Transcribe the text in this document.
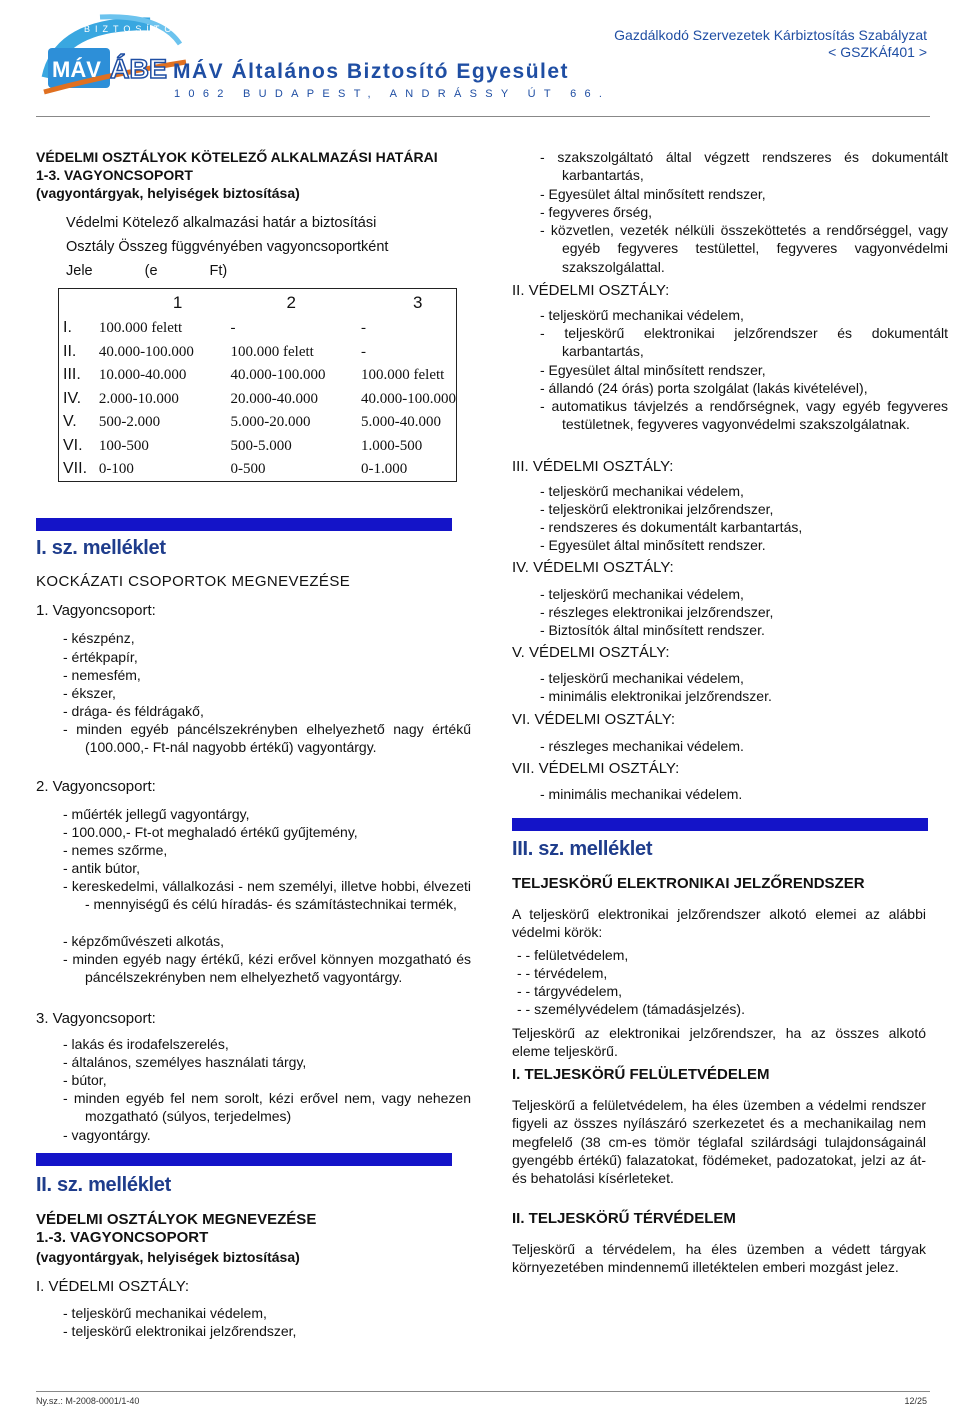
BIZTOSÍTÓ
MÁV ÁBE MÁV Általános Biztosító Egyesület
1062 BUDAPEST, ANDRÁSSY ÚT 66.
Gazdálkodó Szervezetek Kárbiztosítás Szabályzat
< GSZKÁf401 >
VÉDELMI OSZTÁLYOK KÖTELEZŐ ALKALMAZÁSI HATÁRAI
1-3. VAGYONCSOPORT
(vagyontárgyak, helyiségek biztosítása)
Védelmi Kötelező alkalmazási határ a biztosítási
Osztály Összeg függvényében vagyoncsoportként
Jele (e Ft)
	1	2	3
I.	100.000 felett	-	-
II.	40.000-100.000	100.000 felett	-
III.	10.000-40.000	40.000-100.000	100.000 felett
IV.	2.000-10.000	20.000-40.000	40.000-100.000
V.	500-2.000	5.000-20.000	5.000-40.000
VI.	100-500	500-5.000	1.000-500
VII.	0-100	0-500	0-1.000
I. sz. melléklet
KOCKÁZATI CSOPORTOK MEGNEVEZÉSE
1. Vagyoncsoport:
- készpénz,
- értékpapír,
- nemesfém,
- ékszer,
- drága- és féldrágakő,
- minden egyéb páncélszekrényben elhelyezhető nagy értékű (100.000,- Ft-nál nagyobb értékű) vagyontárgy.
2. Vagyoncsoport:
- műérték jellegű vagyontárgy,
- 100.000,- Ft-ot meghaladó értékű gyűjtemény,
- nemes szőrme,
- antik bútor,
- kereskedelmi, vállalkozási - nem személyi, illetve hobbi, élvezeti - mennyiségű és célú híradás- és számítástechnikai termék,
- képzőművészeti alkotás,
- minden egyéb nagy értékű, kézi erővel könnyen mozgatható és páncélszekrényben nem elhelyezhető vagyontárgy.
3. Vagyoncsoport:
- lakás és irodafelszerelés,
- általános, személyes használati tárgy,
- bútor,
- minden egyéb fel nem sorolt, kézi erővel nem, vagy nehezen mozgatható (súlyos, terjedelmes)
- vagyontárgy.
II. sz. melléklet
VÉDELMI OSZTÁLYOK MEGNEVEZÉSE
1.-3. VAGYONCSOPORT
(vagyontárgyak, helyiségek biztosítása)
I. VÉDELMI OSZTÁLY:
- teljeskörű mechanikai védelem,
- teljeskörű elektronikai jelzőrendszer,
- szakszolgáltató által végzett rendszeres és dokumentált karbantartás,
- Egyesület által minősített rendszer,
- fegyveres őrség,
- közvetlen, vezeték nélküli összeköttetés a rendőrséggel, vagy egyéb fegyveres testülettel, fegyveres vagyonvédelmi szakszolgálattal.
II. VÉDELMI OSZTÁLY:
- teljeskörű mechanikai védelem,
- teljeskörű elektronikai jelzőrendszer és dokumentált karbantartás,
- Egyesület által minősített rendszer,
- állandó (24 órás) porta szolgálat (lakás kivételével),
- automatikus távjelzés a rendőrségnek, vagy egyéb fegyveres testületnek, fegyveres vagyonvédelmi szakszolgálatnak.
III. VÉDELMI OSZTÁLY:
- teljeskörű mechanikai védelem,
- teljeskörű elektronikai jelzőrendszer,
- rendszeres és dokumentált karbantartás,
- Egyesület által minősített rendszer.
IV. VÉDELMI OSZTÁLY:
- teljeskörű mechanikai védelem,
- részleges elektronikai jelzőrendszer,
- Biztosítók által minősített rendszer.
V. VÉDELMI OSZTÁLY:
- teljeskörű mechanikai védelem,
- minimális elektronikai jelzőrendszer.
VI. VÉDELMI OSZTÁLY:
- részleges mechanikai védelem.
VII. VÉDELMI OSZTÁLY:
- minimális mechanikai védelem.
III. sz. melléklet
TELJESKÖRŰ ELEKTRONIKAI JELZŐRENDSZER
A teljeskörű elektronikai jelzőrendszer alkotó elemei az alábbi védelmi körök:
- - felületvédelem,
- - térvédelem,
- - tárgyvédelem,
- - személyvédelem (támadásjelzés).
Teljeskörű az elektronikai jelzőrendszer, ha az összes alkotó eleme teljeskörű.
I. TELJESKÖRŰ FELÜLETVÉDELEM
Teljeskörű a felületvédelem, ha éles üzemben a védelmi rendszer figyeli az összes nyílászáró szerkezetet és a mechanikailag nem megfelelő (38 cm-es tömör téglafal szilárdsági tulajdonságainál gyengébb értékű) falazatokat, födémeket, padozatokat, jelzi az át- és behatolási kísérleteket.
II. TELJESKÖRŰ TÉRVÉDELEM
Teljeskörű a térvédelem, ha éles üzemben a védett tárgyak környezetében mindennemű illetéktelen emberi mozgást jelez.
Ny.sz.: M-2008-0001/1-40	12/25
